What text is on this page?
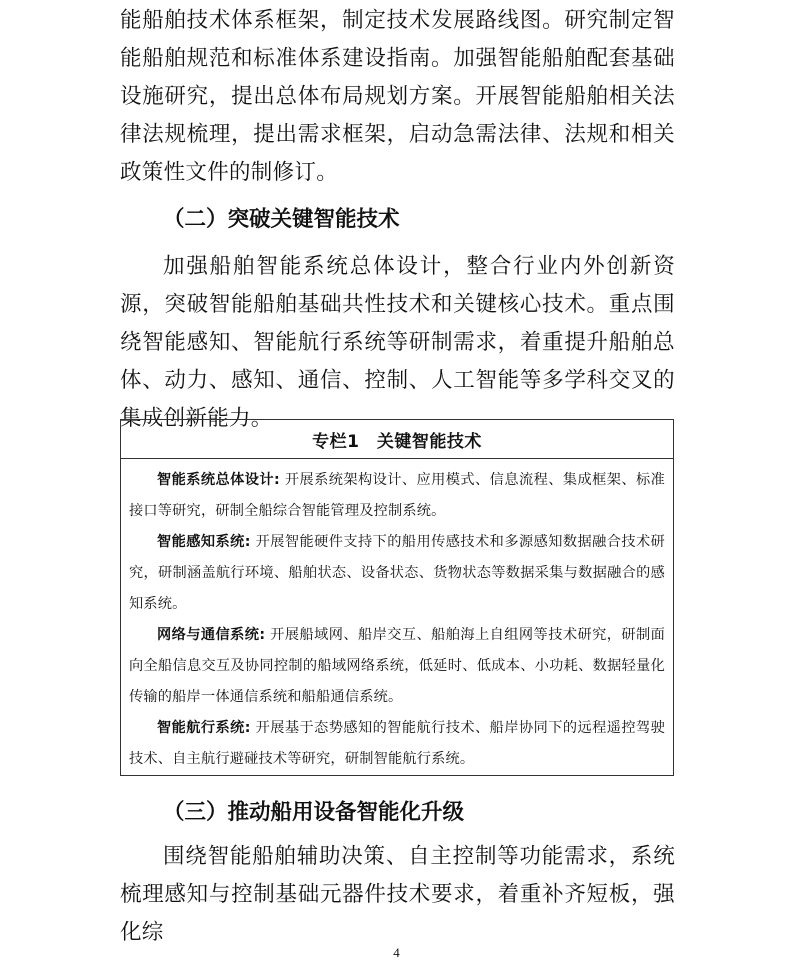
能船舶技术体系框架，制定技术发展路线图。研究制定智能船舶规范和标准体系建设指南。加强智能船舶配套基础设施研究，提出总体布局规划方案。开展智能船舶相关法律法规梳理，提出需求框架，启动急需法律、法规和相关政策性文件的制修订。

（二）突破关键智能技术

加强船舶智能系统总体设计，整合行业内外创新资源，突破智能船舶基础共性技术和关键核心技术。重点围绕智能感知、智能航行系统等研制需求，着重提升船舶总体、动力、感知、通信、控制、人工智能等多学科交叉的集成创新能力。

专栏1　关键智能技术

智能系统总体设计: 开展系统架构设计、应用模式、信息流程、集成框架、标准接口等研究，研制全船综合智能管理及控制系统。

智能感知系统: 开展智能硬件支持下的船用传感技术和多源感知数据融合技术研究，研制涵盖航行环境、船舶状态、设备状态、货物状态等数据采集与数据融合的感知系统。

网络与通信系统: 开展船域网、船岸交互、船舶海上自组网等技术研究，研制面向全船信息交互及协同控制的船域网络系统，低延时、低成本、小功耗、数据轻量化传输的船岸一体通信系统和船船通信系统。

智能航行系统: 开展基于态势感知的智能航行技术、船岸协同下的远程遥控驾驶技术、自主航行避碰技术等研究，研制智能航行系统。

（三）推动船用设备智能化升级

围绕智能船舶辅助决策、自主控制等功能需求，系统梳理感知与控制基础元器件技术要求，着重补齐短板，强化综

4
